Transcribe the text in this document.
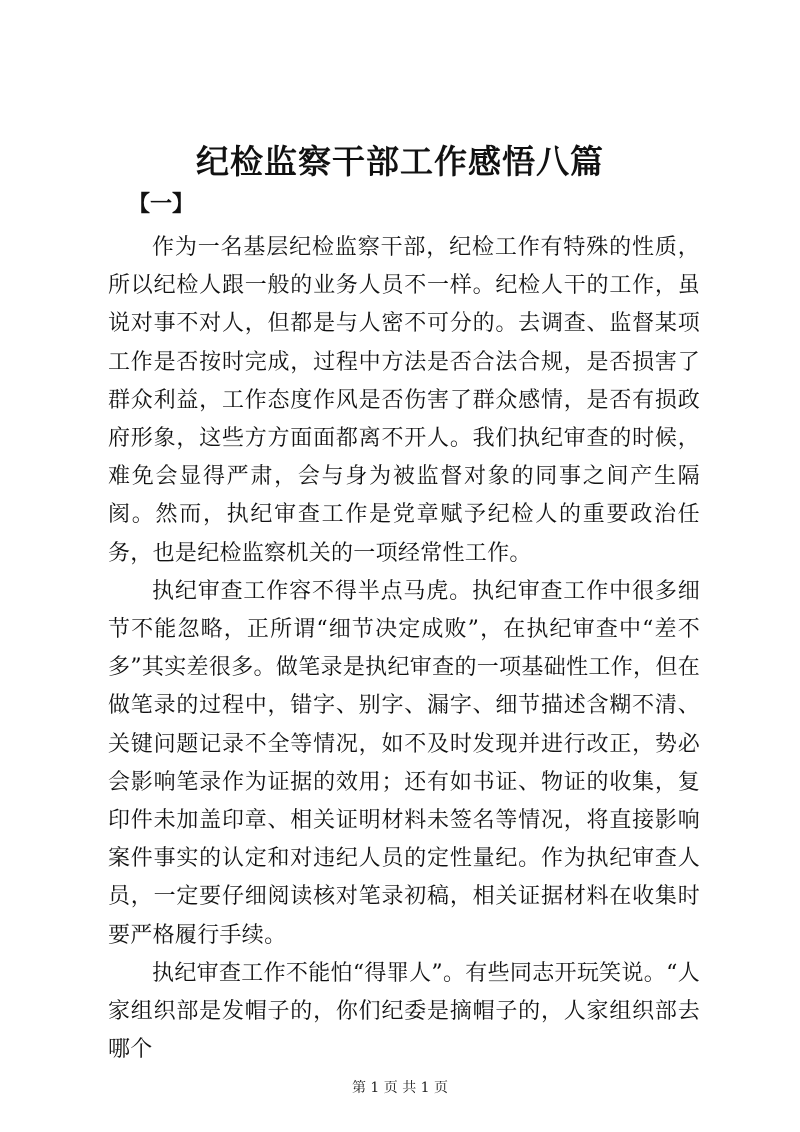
纪检监察干部工作感悟八篇
【一】

作为一名基层纪检监察干部，纪检工作有特殊的性质，所以纪检人跟一般的业务人员不一样。纪检人干的工作，虽说对事不对人，但都是与人密不可分的。去调查、监督某项工作是否按时完成，过程中方法是否合法合规，是否损害了群众利益，工作态度作风是否伤害了群众感情，是否有损政府形象，这些方方面面都离不开人。我们执纪审查的时候，难免会显得严肃，会与身为被监督对象的同事之间产生隔阂。然而，执纪审查工作是党章赋予纪检人的重要政治任务，也是纪检监察机关的一项经常性工作。

执纪审查工作容不得半点马虎。执纪审查工作中很多细节不能忽略，正所谓“细节决定成败”，在执纪审查中“差不多”其实差很多。做笔录是执纪审查的一项基础性工作，但在做笔录的过程中，错字、别字、漏字、细节描述含糊不清、关键问题记录不全等情况，如不及时发现并进行改正，势必会影响笔录作为证据的效用；还有如书证、物证的收集，复印件未加盖印章、相关证明材料未签名等情况，将直接影响案件事实的认定和对违纪人员的定性量纪。作为执纪审查人员，一定要仔细阅读核对笔录初稿，相关证据材料在收集时要严格履行手续。

执纪审查工作不能怕“得罪人”。有些同志开玩笑说。“人家组织部是发帽子的，你们纪委是摘帽子的，人家组织部去哪个

第 1 页 共 1 页
